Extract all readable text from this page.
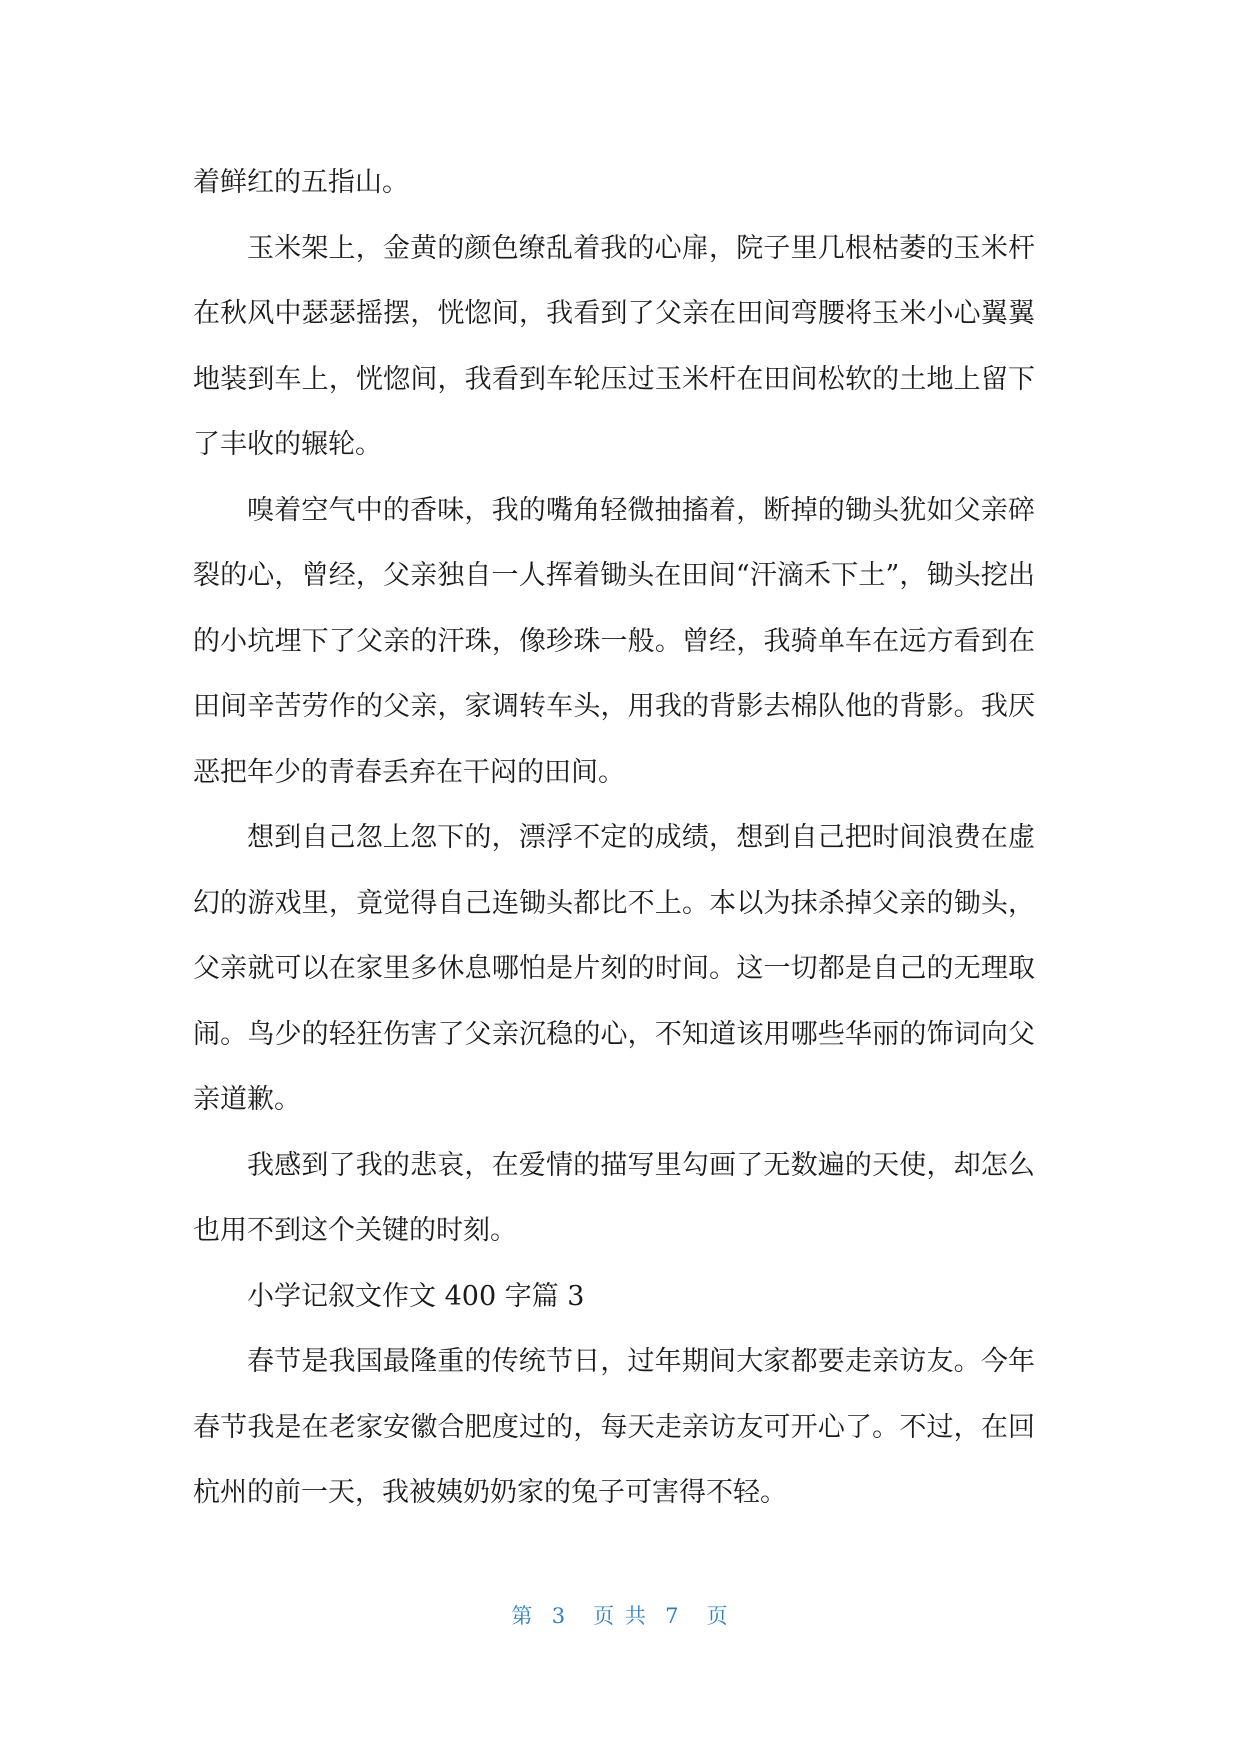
着鲜红的五指山。

玉米架上，金黄的颜色缭乱着我的心扉，院子里几根枯萎的玉米杆在秋风中瑟瑟摇摆，恍惚间，我看到了父亲在田间弯腰将玉米小心翼翼地装到车上，恍惚间，我看到车轮压过玉米杆在田间松软的土地上留下了丰收的辗轮。

嗅着空气中的香味，我的嘴角轻微抽搐着，断掉的锄头犹如父亲碎裂的心，曾经，父亲独自一人挥着锄头在田间“汗滴禾下土”，锄头挖出的小坑埋下了父亲的汗珠，像珍珠一般。曾经，我骑单车在远方看到在田间辛苦劳作的父亲，家调转车头，用我的背影去棉队他的背影。我厌恶把年少的青春丢弃在干闷的田间。

想到自己忽上忽下的，漂浮不定的成绩，想到自己把时间浪费在虚幻的游戏里，竟觉得自己连锄头都比不上。本以为抹杀掉父亲的锄头，父亲就可以在家里多休息哪怕是片刻的时间。这一切都是自己的无理取闹。鸟少的轻狂伤害了父亲沉稳的心，不知道该用哪些华丽的饰词向父亲道歉。

我感到了我的悲哀，在爱情的描写里勾画了无数遍的天使，却怎么也用不到这个关键的时刻。

小学记叙文作文 400 字篇 3

春节是我国最隆重的传统节日，过年期间大家都要走亲访友。今年春节我是在老家安徽合肥度过的，每天走亲访友可开心了。不过，在回杭州的前一天，我被姨奶奶家的兔子可害得不轻。

第  3   页 共  7   页
